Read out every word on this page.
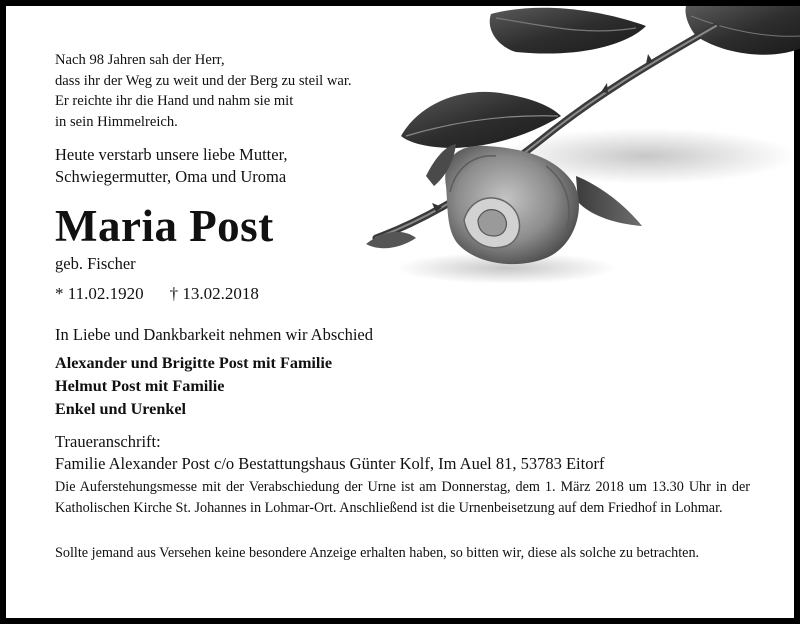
Nach 98 Jahren sah der Herr,
dass ihr der Weg zu weit und der Berg zu steil war.
Er reichte ihr die Hand und nahm sie mit
in sein Himmelreich.
Heute verstarb unsere liebe Mutter,
Schwiegermutter, Oma und Uroma
Maria Post
geb. Fischer
* 11.02.1920 † 13.02.2018
In Liebe und Dankbarkeit nehmen wir Abschied
Alexander und Brigitte Post mit Familie
Helmut Post mit Familie
Enkel und Urenkel
Traueranschrift:
Familie Alexander Post c/o Bestattungshaus Günter Kolf, Im Auel 81, 53783 Eitorf
Die Auferstehungsmesse mit der Verabschiedung der Urne ist am Donnerstag, dem 1. März 2018 um 13.30 Uhr in der Katholischen Kirche St. Johannes in Lohmar-Ort. Anschließend ist die Urnenbeisetzung auf dem Friedhof in Lohmar.
Sollte jemand aus Versehen keine besondere Anzeige erhalten haben, so bitten wir, diese als solche zu betrachten.
